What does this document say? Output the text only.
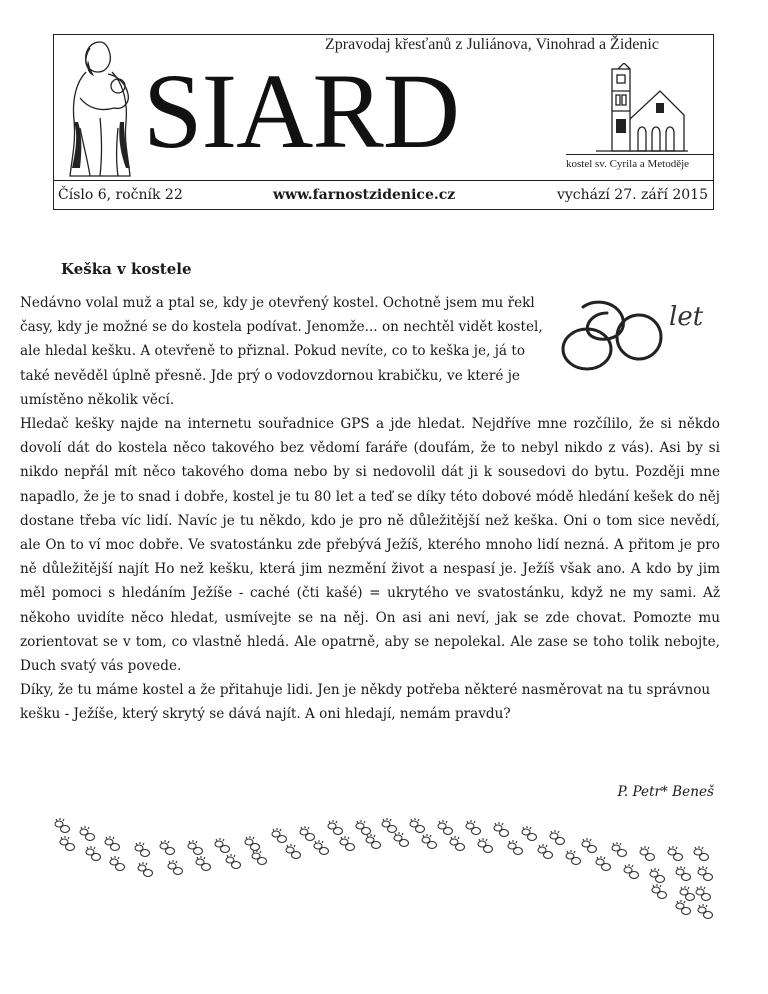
Zpravodaj křesťanů z Juliánova, Vinohrad a Židenic
SIARD	kostel sv. Cyrila a Metoděje
Číslo 6, ročník 22	www.farnostzidenice.cz	vychází 27. září 2015
Keška v kostele
let

Nedávno volal muž a ptal se, kdy je otevřený kostel. Ochotně jsem mu řekl časy, kdy je možné se do kostela podívat. Jenomže... on nechtěl vidět kostel, ale hledal kešku. A otevřeně to přiznal. Pokud nevíte, co to keška je, já to také nevěděl úplně přesně. Jde prý o vodovzdornou krabičku, ve které je umístěno několik věcí.

Hledač kešky najde na internetu souřadnice GPS a jde hledat. Nejdříve mne rozčílilo, že si někdo dovolí dát do kostela něco takového bez vědomí faráře (doufám, že to nebyl nikdo z vás). Asi by si nikdo nepřál mít něco takového doma nebo by si nedovolil dát ji k sousedovi do bytu. Později mne napadlo, že je to snad i dobře, kostel je tu 80 let a teď se díky této dobové módě hledání kešek do něj dostane třeba víc lidí. Navíc je tu někdo, kdo je pro ně důležitější než keška. Oni o tom sice nevědí, ale On to ví moc dobře. Ve svatostánku zde přebývá Ježíš, kterého mnoho lidí nezná. A přitom je pro ně důležitější najít Ho než kešku, která jim nezmění život a nespasí je. Ježíš však ano. A kdo by jim měl pomoci s hledáním Ježíše - caché (čti kašé) = ukrytého ve svatostánku, když ne my sami. Až někoho uvidíte něco hledat, usmívejte se na něj. On asi ani neví, jak se zde chovat. Pomozte mu zorientovat se v tom, co vlastně hledá. Ale opatrně, aby se nepolekal. Ale zase se toho tolik nebojte, Duch svatý vás povede.

Díky, že tu máme kostel a že přitahuje lidi. Jen je někdy potřeba některé nasměrovat na tu správnou kešku - Ježíše, který skrytý se dává najít. A oni hledají, nemám pravdu?

P. Petr* Beneš
